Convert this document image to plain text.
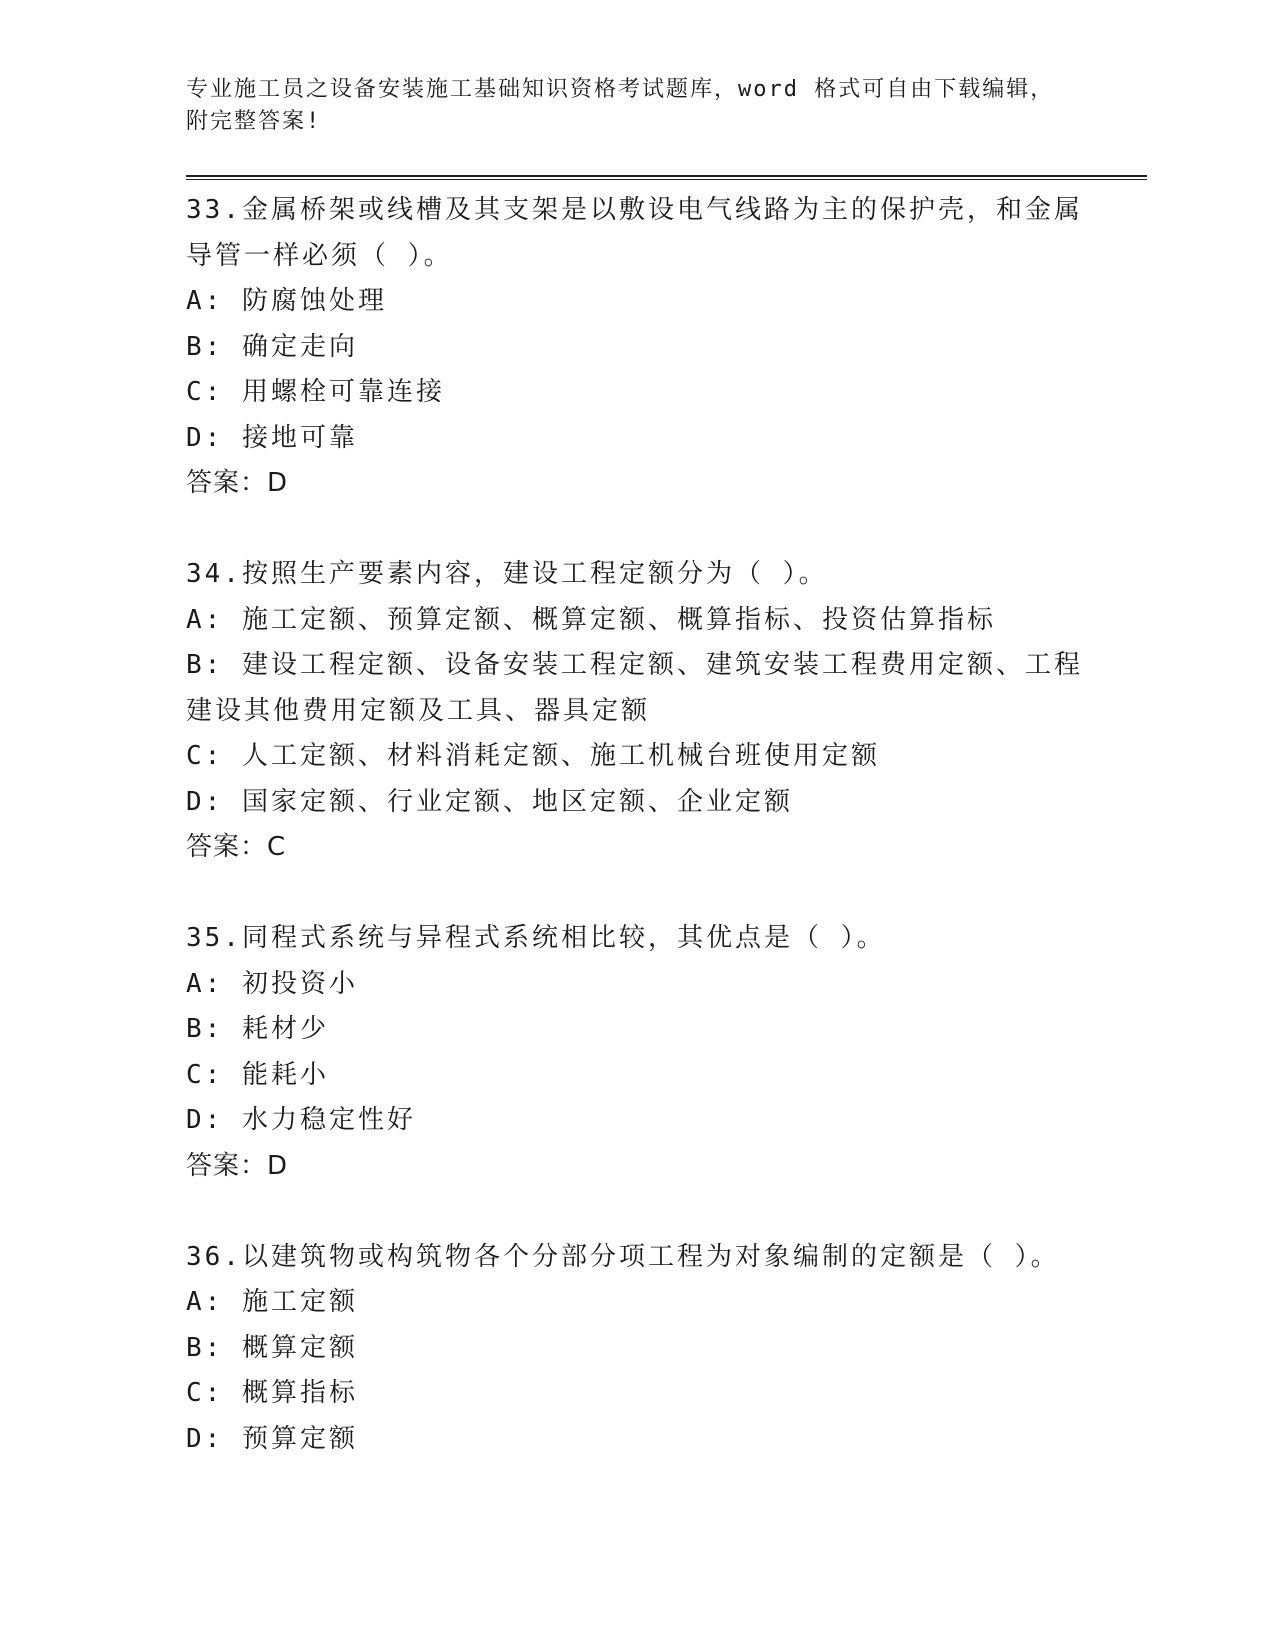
专业施工员之设备安装施工基础知识资格考试题库，word 格式可自由下载编辑，
附完整答案!
33.金属桥架或线槽及其支架是以敷设电气线路为主的保护壳，和金属
导管一样必须（ ）。
A: 防腐蚀处理
B: 确定走向
C: 用螺栓可靠连接
D: 接地可靠
答案：D
34.按照生产要素内容，建设工程定额分为（ ）。
A: 施工定额、预算定额、概算定额、概算指标、投资估算指标
B: 建设工程定额、设备安装工程定额、建筑安装工程费用定额、工程
建设其他费用定额及工具、器具定额
C: 人工定额、材料消耗定额、施工机械台班使用定额
D: 国家定额、行业定额、地区定额、企业定额
答案：C
35.同程式系统与异程式系统相比较，其优点是（ ）。
A: 初投资小
B: 耗材少
C: 能耗小
D: 水力稳定性好
答案：D
36.以建筑物或构筑物各个分部分项工程为对象编制的定额是（ ）。
A: 施工定额
B: 概算定额
C: 概算指标
D: 预算定额
